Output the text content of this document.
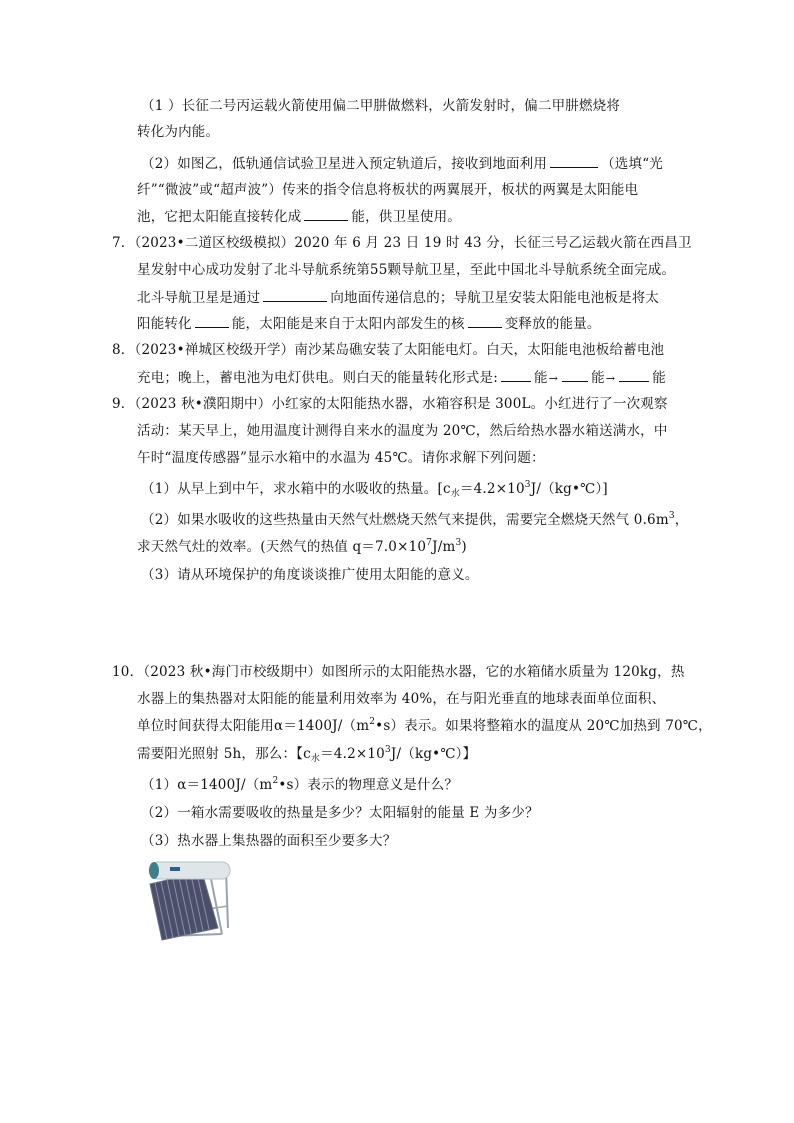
（1 ）长征二号丙运载火箭使用偏二甲肼做燃料，火箭发射时，偏二甲肼燃烧将
转化为内能。
（2）如图乙，低轨通信试验卫星进入预定轨道后，接收到地面利用	（选填“光
纤”“微波”或“超声波”）传来的指令信息将板状的两翼展开，板状的两翼是太阳能电
池，它把太阳能直接转化成	能，供卫星使用。
7．（2023•二道区校级模拟）2020 年 6 月 23 日 19 时 43 分，长征三号乙运载火箭在西昌卫
星发射中心成功发射了北斗导航系统第55颗导航卫星，至此中国北斗导航系统全面完成。
北斗导航卫星是通过	向地面传递信息的；导航卫星安装太阳能电池板是将太
阳能转化	能，太阳能是来自于太阳内部发生的核	变释放的能量。
8．（2023•禅城区校级开学）南沙某岛礁安装了太阳能电灯。白天，太阳能电池板给蓄电池
充电；晚上，蓄电池为电灯供电。则白天的能量转化形式是:	能→ 能→	能
9．（2023 秋•濮阳期中）小红家的太阳能热水器，水箱容积是 300L。小红进行了一次观察
活动：某天早上，她用温度计测得自来水的温度为 20℃，然后给热水器水箱送满水，中
午时“温度传感器”显示水箱中的水温为 45℃。请你求解下列问题：
（1）从早上到中午，求水箱中的水吸收的热量。$[c_水=4.2\times 10^3J/(kg•℃)]$
（2）如果水吸收的这些热量由天然气灶燃烧天然气来提供，需要完全燃烧天然气 $0.6m^3$，
求天然气灶的效率。(天然气的热值 $q=7.0\times 10^7J/m^3$)
（3）请从环境保护的角度谈谈推广使用太阳能的意义。
10．（2023 秋•海门市校级期中）如图所示的太阳能热水器，它的水箱储水质量为 120kg，热
水器上的集热器对太阳能的能量利用效率为 40%，在与阳光垂直的地球表面单位面积、
单位时间获得太阳能用$\alpha=1400J/(m^2•s)$表示。如果将整箱水的温度从 20℃加热到 70℃，
需要阳光照射 5h，那么：【$c_水=4.2\times 10^3J/(kg•℃)$】
$(1)\alpha=1400J/(m^2•s)$表示的物理意义是什么？
（2）一箱水需要吸收的热量是多少？太阳辐射的能量 E 为多少？
（3）热水器上集热器的面积至少要多大？
